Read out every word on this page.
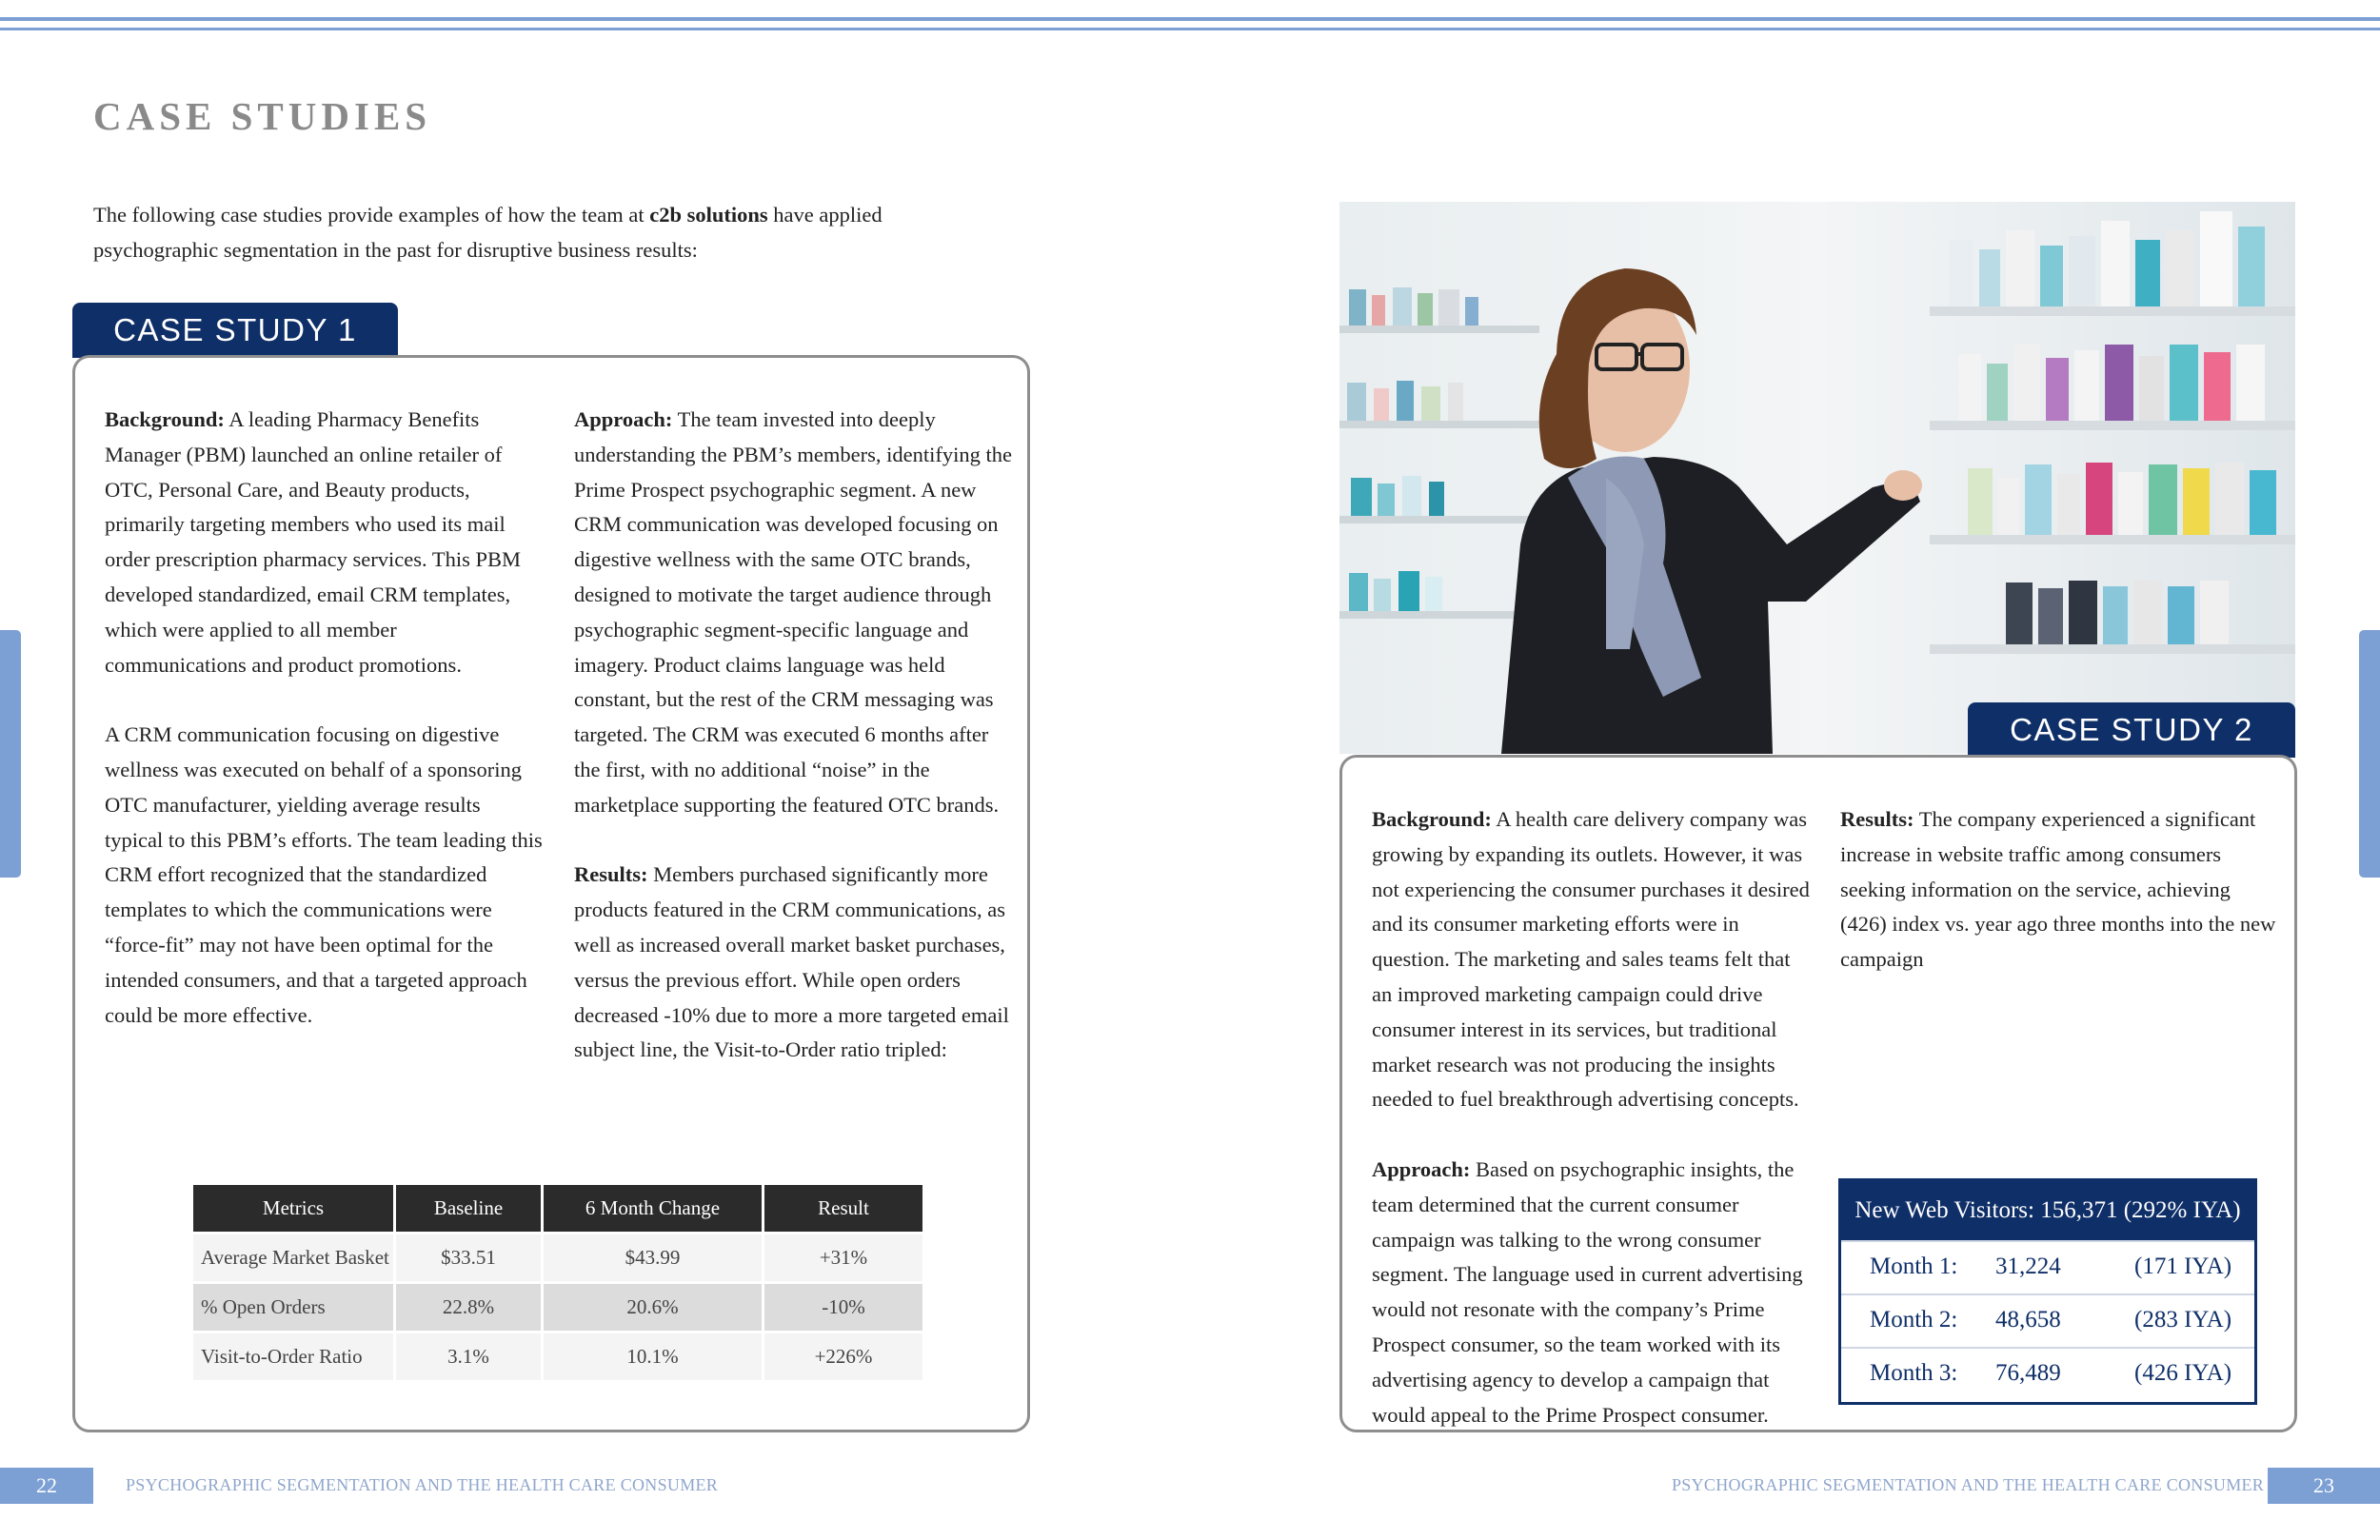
CASE STUDIES
The following case studies provide examples of how the team at c2b solutions have applied psychographic segmentation in the past for disruptive business results:
CASE STUDY 1

Background: A leading Pharmacy Benefits Manager (PBM) launched an online retailer of OTC, Personal Care, and Beauty products, primarily targeting members who used its mail order prescription pharmacy services. This PBM developed standardized, email CRM templates, which were applied to all member communications and product promotions.

A CRM communication focusing on digestive wellness was executed on behalf of a sponsoring OTC manufacturer, yielding average results typical to this PBM’s efforts. The team leading this CRM effort recognized that the standardized templates to which the communications were “force-fit” may not have been optimal for the intended consumers, and that a targeted approach could be more effective.

Approach: The team invested into deeply understanding the PBM’s members, identifying the Prime Prospect psychographic segment. A new CRM communication was developed focusing on digestive wellness with the same OTC brands, designed to motivate the target audience through psychographic segment-specific language and imagery. Product claims language was held constant, but the rest of the CRM messaging was targeted. The CRM was executed 6 months after the first, with no additional “noise” in the marketplace supporting the featured OTC brands.

Results: Members purchased significantly more products featured in the CRM communications, as well as increased overall market basket purchases, versus the previous effort. While open orders decreased -10% due to more a more targeted email subject line, the Visit-to-Order ratio tripled:

Metrics	Baseline	6 Month Change	Result
Average Market Basket	$33.51	$43.99	+31%
% Open Orders	22.8%	20.6%	-10%
Visit-to-Order Ratio	3.1%	10.1%	+226%
CASE STUDY 2

Background: A health care delivery company was growing by expanding its outlets. However, it was not experiencing the consumer purchases it desired and its consumer marketing efforts were in question. The marketing and sales teams felt that an improved marketing campaign could drive consumer interest in its services, but traditional market research was not producing the insights needed to fuel breakthrough advertising concepts.

Approach: Based on psychographic insights, the team determined that the current consumer campaign was talking to the wrong consumer segment. The language used in current advertising would not resonate with the company’s Prime Prospect consumer, so the team worked with its advertising agency to develop a campaign that would appeal to the Prime Prospect consumer.

Results: The company experienced a significant increase in website traffic among consumers seeking information on the service, achieving (426) index vs. year ago three months into the new campaign

New Web Visitors: 156,371 (292% IYA)
Month 1: 31,224	(171 IYA)
Month 2: 48,658	(283 IYA)
Month 3: 76,489	(426 IYA)
22	PSYCHOGRAPHIC SEGMENTATION AND THE HEALTH CARE CONSUMER	PSYCHOGRAPHIC SEGMENTATION AND THE HEALTH CARE CONSUMER	23
